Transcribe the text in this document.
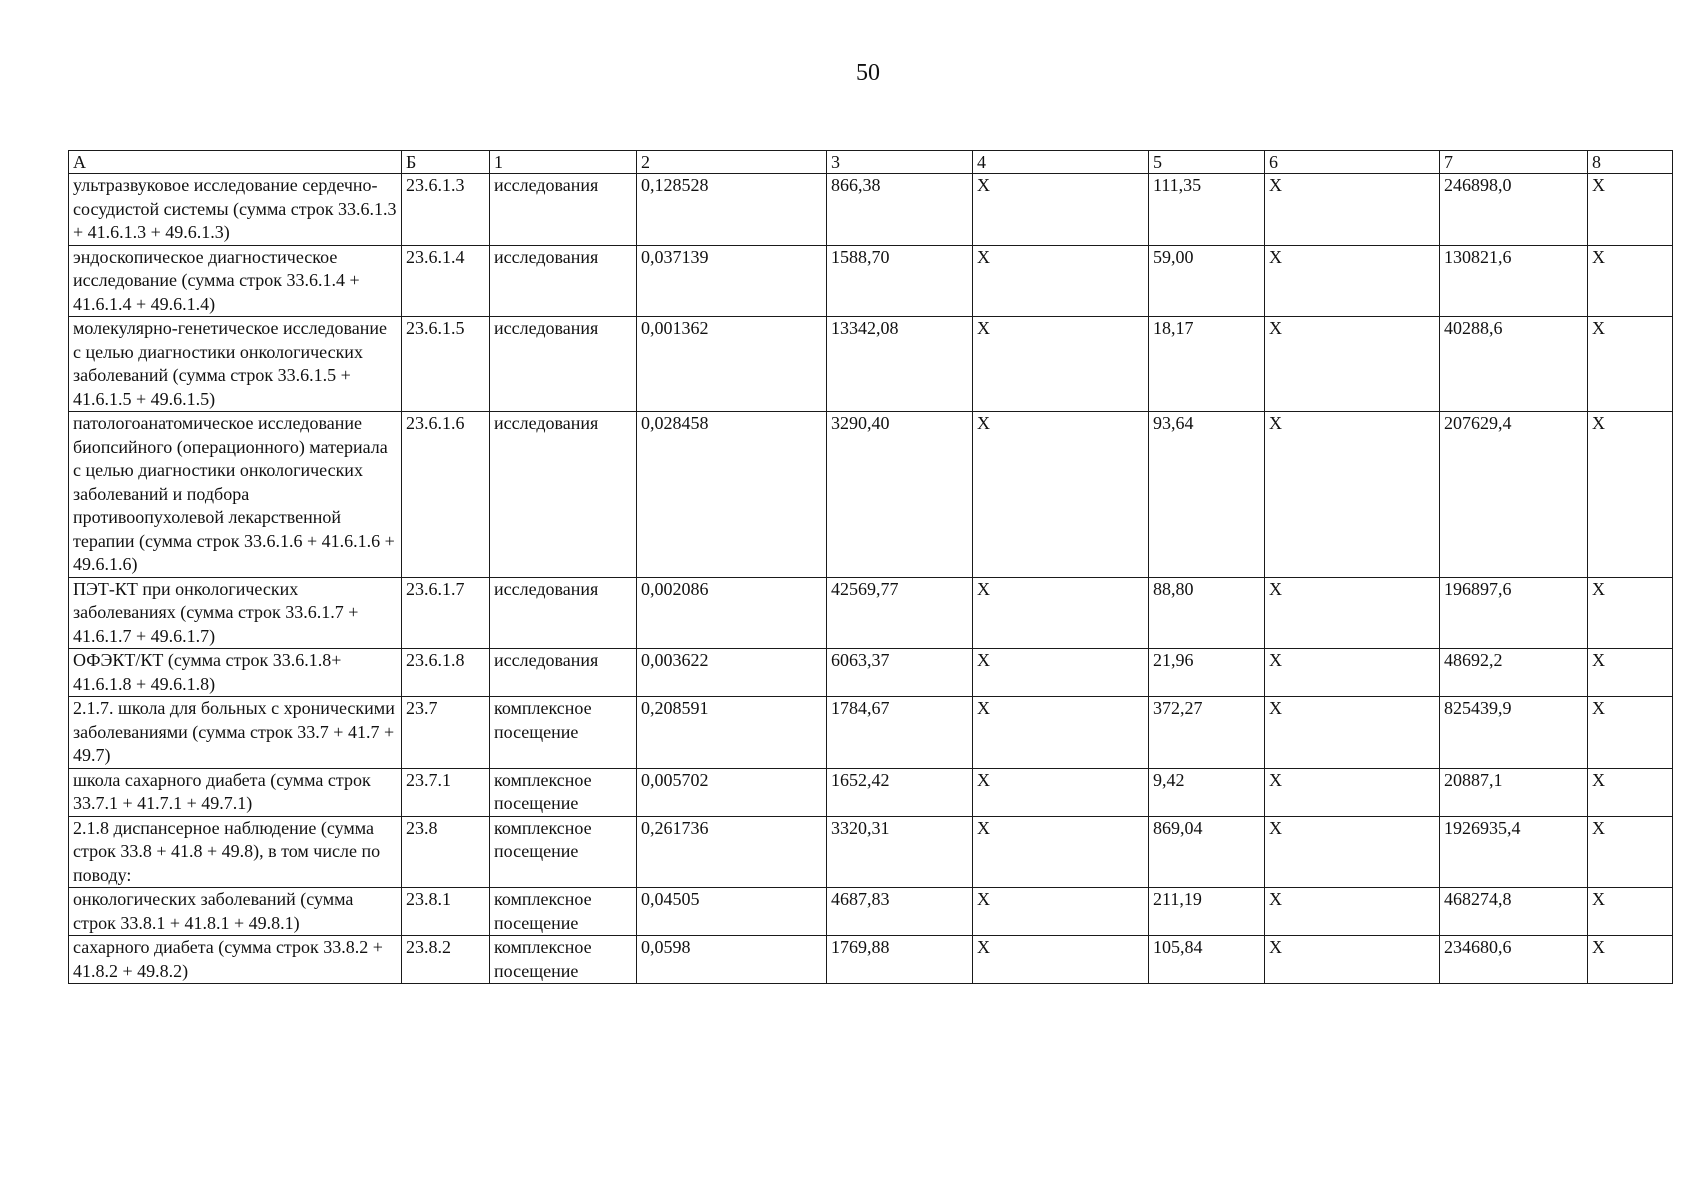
50
А	Б	1	2	3	4	5	6	7	8
ультразвуковое исследование сердечно-сосудистой системы (сумма строк 33.6.1.3 + 41.6.1.3 + 49.6.1.3)	23.6.1.3	исследования	0,128528	866,38	X	111,35	X	246898,0	X
эндоскопическое диагностическое исследование (сумма строк 33.6.1.4 + 41.6.1.4 + 49.6.1.4)	23.6.1.4	исследования	0,037139	1588,70	X	59,00	X	130821,6	X
молекулярно-генетическое исследование с целью диагностики онкологических заболеваний (сумма строк 33.6.1.5 + 41.6.1.5 + 49.6.1.5)	23.6.1.5	исследования	0,001362	13342,08	X	18,17	X	40288,6	X
патологоанатомическое исследование биопсийного (операционного) материала с целью диагностики онкологических заболеваний и подбора противоопухолевой лекарственной терапии (сумма строк 33.6.1.6 + 41.6.1.6 + 49.6.1.6)	23.6.1.6	исследования	0,028458	3290,40	X	93,64	X	207629,4	X
ПЭТ-КТ при онкологических заболеваниях (сумма строк 33.6.1.7 + 41.6.1.7 + 49.6.1.7)	23.6.1.7	исследования	0,002086	42569,77	X	88,80	X	196897,6	X
ОФЭКТ/КТ (сумма строк 33.6.1.8+ 41.6.1.8 + 49.6.1.8)	23.6.1.8	исследования	0,003622	6063,37	X	21,96	X	48692,2	X
2.1.7. школа для больных с хроническими заболеваниями (сумма строк 33.7 + 41.7 + 49.7)	23.7	комплексное посещение	0,208591	1784,67	X	372,27	X	825439,9	X
школа сахарного диабета (сумма строк 33.7.1 + 41.7.1 + 49.7.1)	23.7.1	комплексное посещение	0,005702	1652,42	X	9,42	X	20887,1	X
2.1.8 диспансерное наблюдение (сумма строк 33.8 + 41.8 + 49.8), в том числе по поводу:	23.8	комплексное посещение	0,261736	3320,31	X	869,04	X	1926935,4	X
онкологических заболеваний (сумма строк 33.8.1 + 41.8.1 + 49.8.1)	23.8.1	комплексное посещение	0,04505	4687,83	X	211,19	X	468274,8	X
сахарного диабета (сумма строк 33.8.2 + 41.8.2 + 49.8.2)	23.8.2	комплексное посещение	0,0598	1769,88	X	105,84	X	234680,6	X
